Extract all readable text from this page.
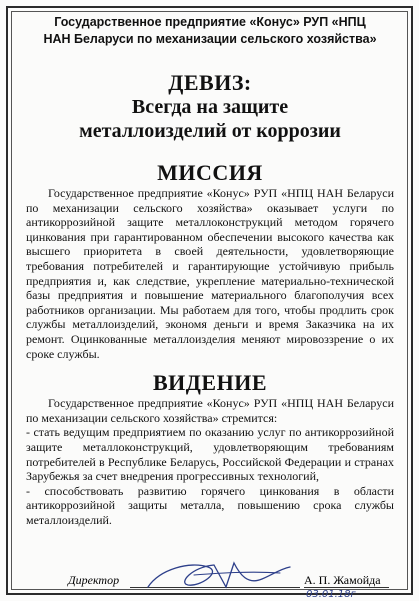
Государственное предприятие «Конус» РУП «НПЦ
НАН Беларуси по механизации сельского хозяйства»

ДЕВИЗ:

Всегда на защите
металлоизделий от коррозии

МИССИЯ

Государственное предприятие «Конус» РУП «НПЦ НАН Беларуси по механизации сельского хозяйства» оказывает услуги по антикоррозийной защите металлоконструкций методом горячего цинкования при гарантированном обеспечении высокого качества как высшего приоритета в своей деятельности, удовлетворяющие требования потребителей и гарантирующие устойчивую прибыль предприятия и, как следствие, укрепление материально-технической базы предприятия и повышение материального благополучия всех работников организации. Мы работаем для того, чтобы продлить срок службы металлоизделий, экономя деньги и время Заказчика на их ремонт. Оцинкованные металлоизделия меняют мировоззрение о их сроке службы.

ВИДЕНИЕ

Государственное предприятие «Конус» РУП «НПЦ НАН Беларуси по механизации сельского хозяйства» стремится:

- стать ведущим предприятием по оказанию услуг по антикоррозийной защите металлоконструкций, удовлетворяющим требованиям потребителей в Республике Беларусь, Российской Федерации и странах Зарубежья за счет внедрения прогрессивных технологий,

- способствовать развитию горячего цинкования в области антикоррозийной защиты металла, повышению срока службы металлоизделий.

Директор	А. П. Жамойда
03.01.18г
